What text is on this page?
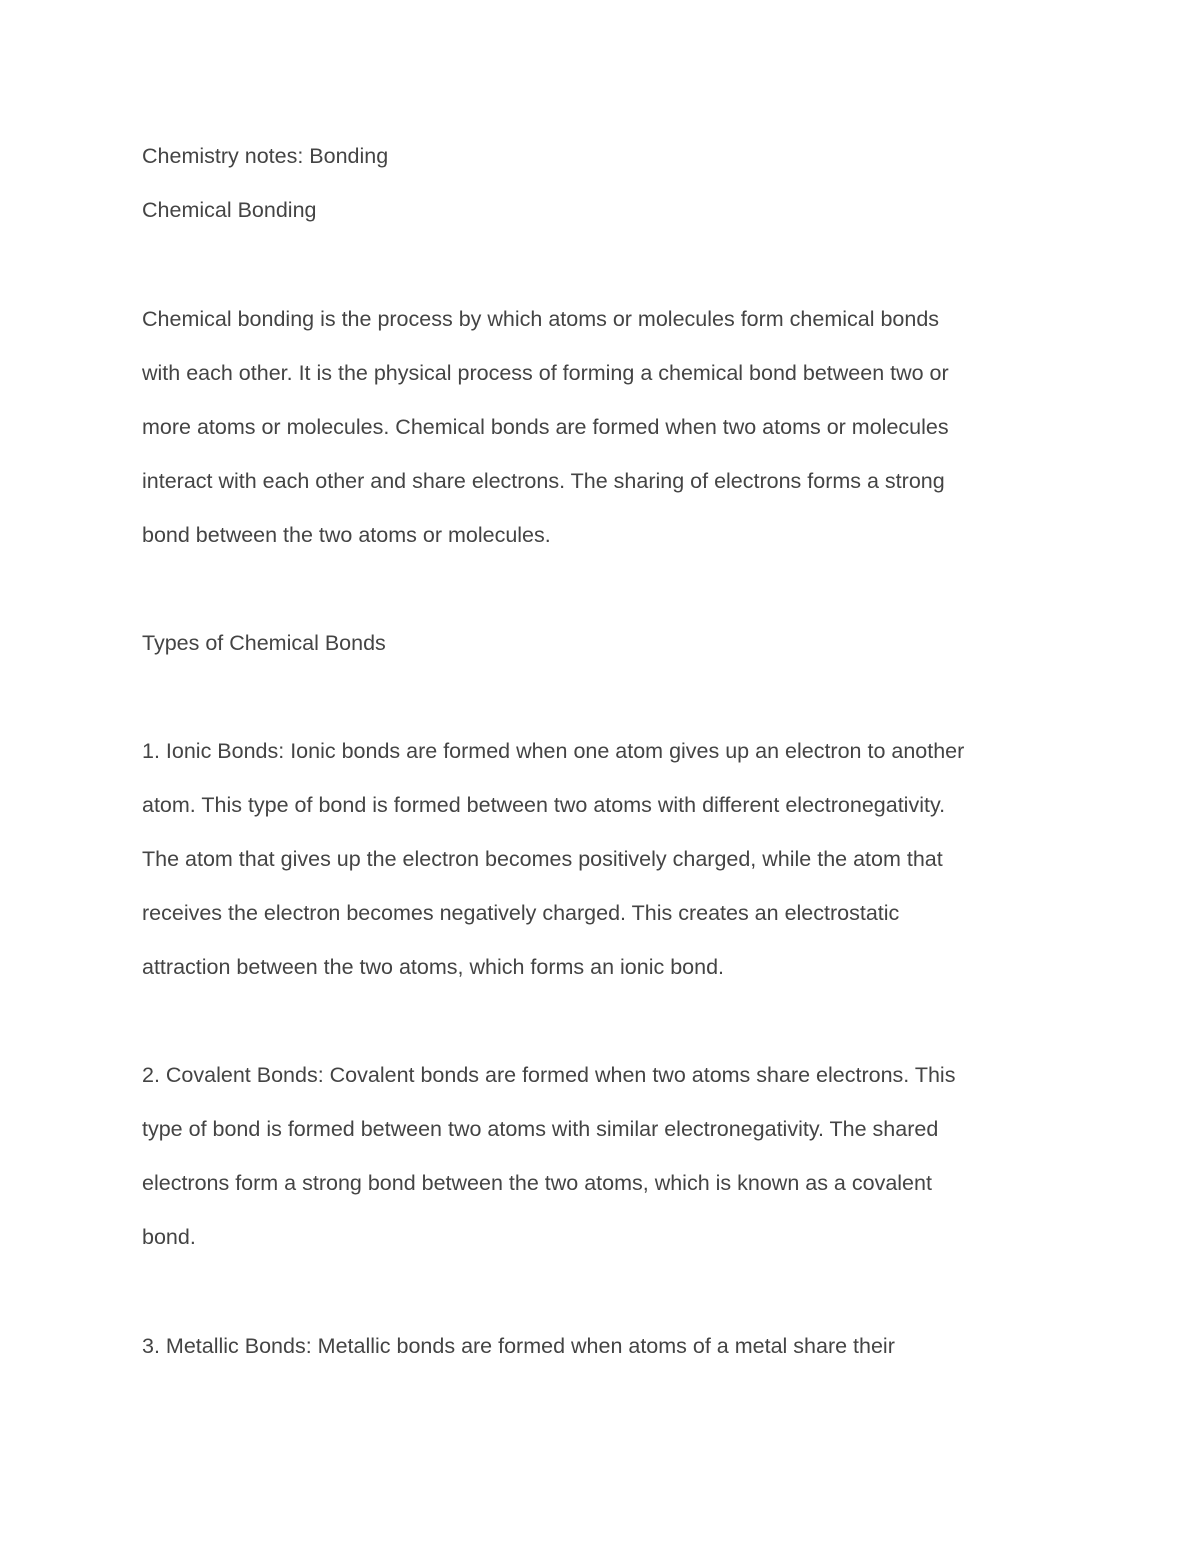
Chemistry notes: Bonding

Chemical Bonding

Chemical bonding is the process by which atoms or molecules form chemical bonds

with each other. It is the physical process of forming a chemical bond between two or

more atoms or molecules. Chemical bonds are formed when two atoms or molecules

interact with each other and share electrons. The sharing of electrons forms a strong

bond between the two atoms or molecules.

Types of Chemical Bonds

1. Ionic Bonds: Ionic bonds are formed when one atom gives up an electron to another

atom. This type of bond is formed between two atoms with different electronegativity.

The atom that gives up the electron becomes positively charged, while the atom that

receives the electron becomes negatively charged. This creates an electrostatic

attraction between the two atoms, which forms an ionic bond.

2. Covalent Bonds: Covalent bonds are formed when two atoms share electrons. This

type of bond is formed between two atoms with similar electronegativity. The shared

electrons form a strong bond between the two atoms, which is known as a covalent

bond.

3. Metallic Bonds: Metallic bonds are formed when atoms of a metal share their
